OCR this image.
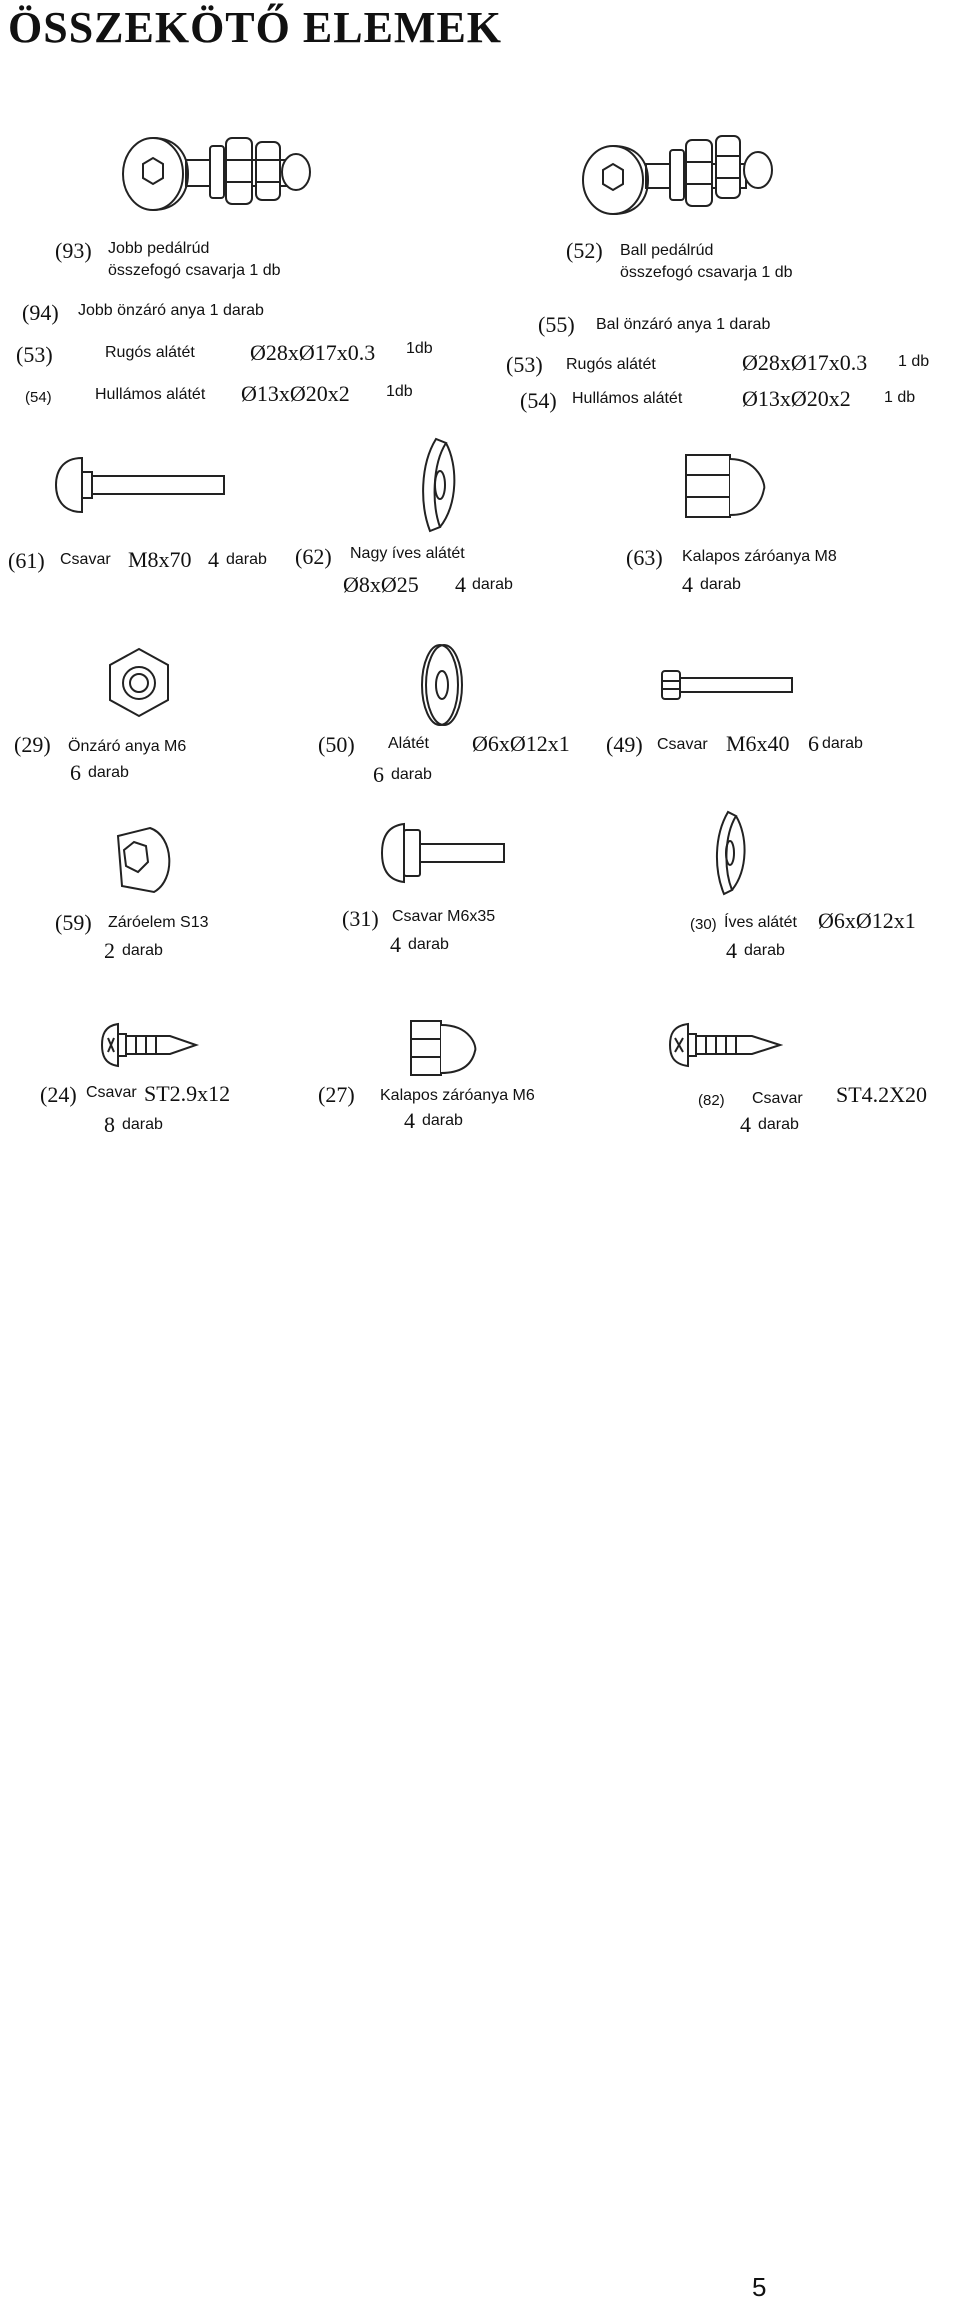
ÖSSZEKÖTŐ ELEMEK
(93) Jobb pedálrúd
összefogó csavarja 1 db
(94) Jobb önzáró anya 1 darab
(53)	Rugós alátét	Ø28xØ17x0.3 1db
(54)	Hullámos alátét Ø13xØ20x2 1db
(52) Ball pedálrúd
összefogó csavarja 1 db
(55) Bal önzáró anya 1 darab
(53) Rugós alátét	Ø28xØ17x0.3 1 db
(54) Hullámos alátét	Ø13xØ20x2 1 db
(61) Csavar M8x70 4 darab (62) Nagy íves alátét
Ø8xØ25 4 darab
(63) Kalapos záróanya M8
4 darab
(29) Önzáró anya M6
6 darab
(50) Alátét Ø6xØ12x1
6 darab
(49) Csavar M6x40 6 darab
(59) Záróelem S13
2 darab
(31) Csavar M6x35
4 darab
(30) Íves alátét Ø6xØ12x1
4 darab
(24) Csavar ST2.9x12
8 darab
(27) Kalapos záróanya M6
4 darab
(82) Csavar ST4.2X20
4 darab
5
